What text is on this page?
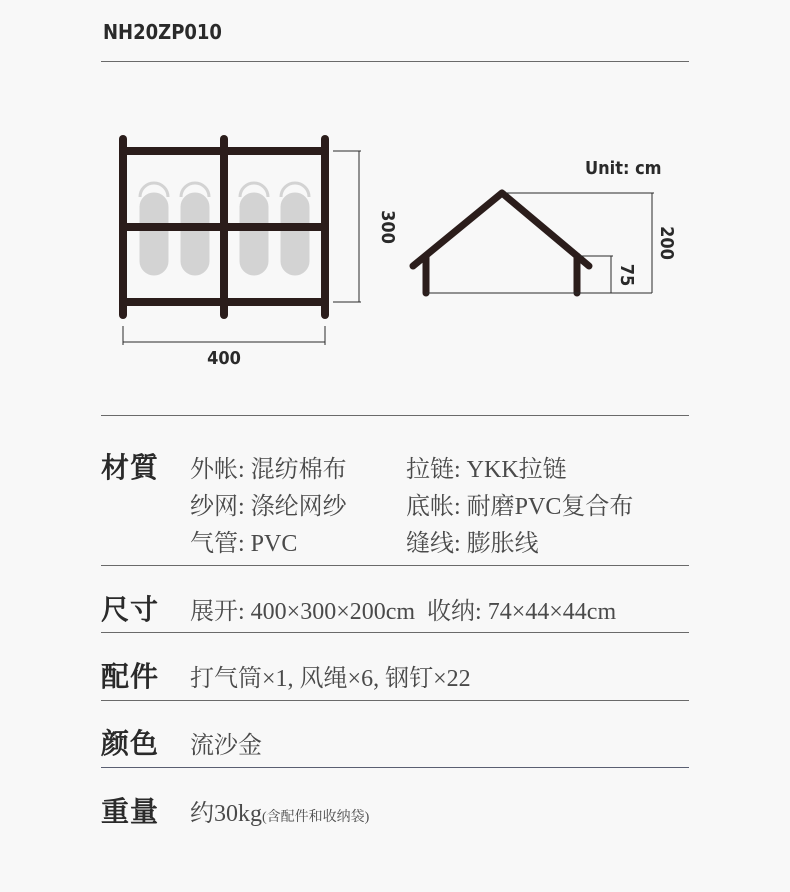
NH20ZP010
400
300
Unit: cm
200
75
材質 外帐: 混纺棉布 拉链: YKK拉链
纱网: 涤纶网纱 底帐: 耐磨PVC复合布
气管: PVC	缝线: 膨胀线
尺寸 展开: 400×300×200cm  收纳: 74×44×44cm
配件 打气筒×1, 风绳×6, 钢钉×22
颜色 流沙金
重量 约30kg(含配件和收纳袋)
